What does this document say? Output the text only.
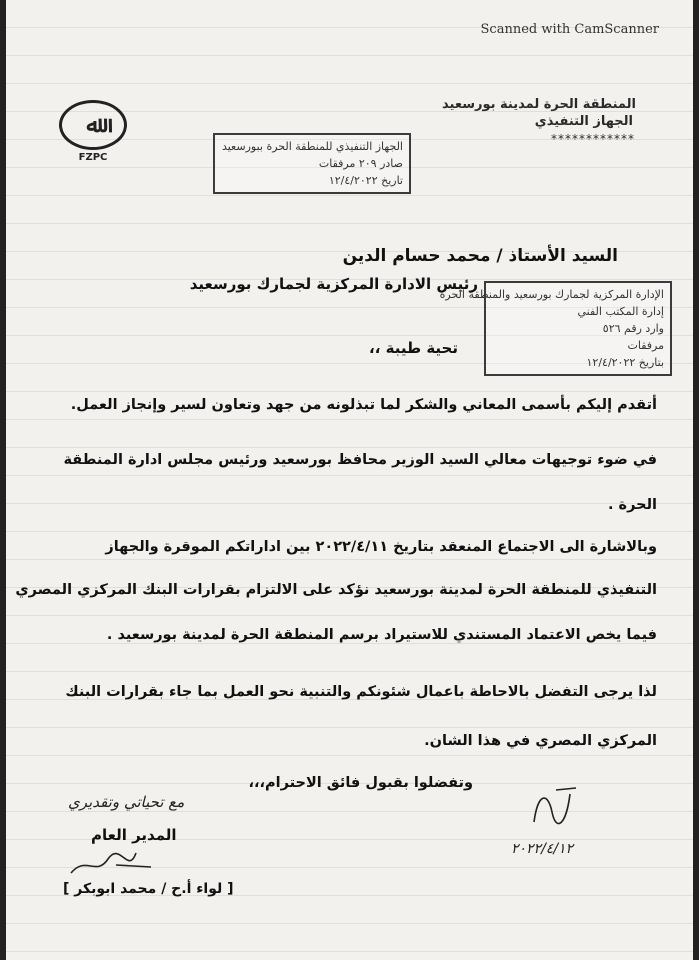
Scanned with CamScanner
ﷲ
FZPC
المنطقة الحرة لمدينة بورسعيد
الجهاز التنفيذي
************
الجهاز التنفيذي للمنطقة الحرة ببورسعيد
صادر ٢٠٩ مرفقات
تاريخ ١٢/٤/٢٠٢٢
السيد الأستاذ / محمد حسام الدين
رئيس الادارة المركزية لجمارك بورسعيد
الإدارة المركزية لجمارك بورسعيد والمنطقة الحرة
إدارة المكتب الفني
وارد رقم ٥٢٦
مرفقات
بتاريخ ١٢/٤/٢٠٢٢
تحية طيبة ،،
أتقدم إليكم بأسمى المعاني والشكر لما تبذلونه من جهد وتعاون لسير وإنجاز العمل.
في ضوء توجيهات معالي السيد الوزير محافظ بورسعيد ورئيس مجلس ادارة المنطقة
الحرة .
وبالاشارة الى الاجتماع المنعقد بتاريخ ٢٠٢٢/٤/١١ بين اداراتكم الموقرة والجهاز
التنفيذي للمنطقة الحرة لمدينة بورسعيد نؤكد على الالتزام بقرارات البنك المركزي المصري
فيما يخص الاعتماد المستندي للاستيراد برسم المنطقة الحرة لمدينة بورسعيد .
لذا يرجى التفضل بالاحاطة باعمال شئونكم والتنبية نحو العمل بما جاء بقرارات البنك
المركزي المصري في هذا الشان.
وتفضلوا بقبول فائق الاحترام،،،
مع تحياتي وتقديري
المدير العام
[ لواء أ.ح / محمد ابوبكر ]
٢٠٢٢/٤/١٢
